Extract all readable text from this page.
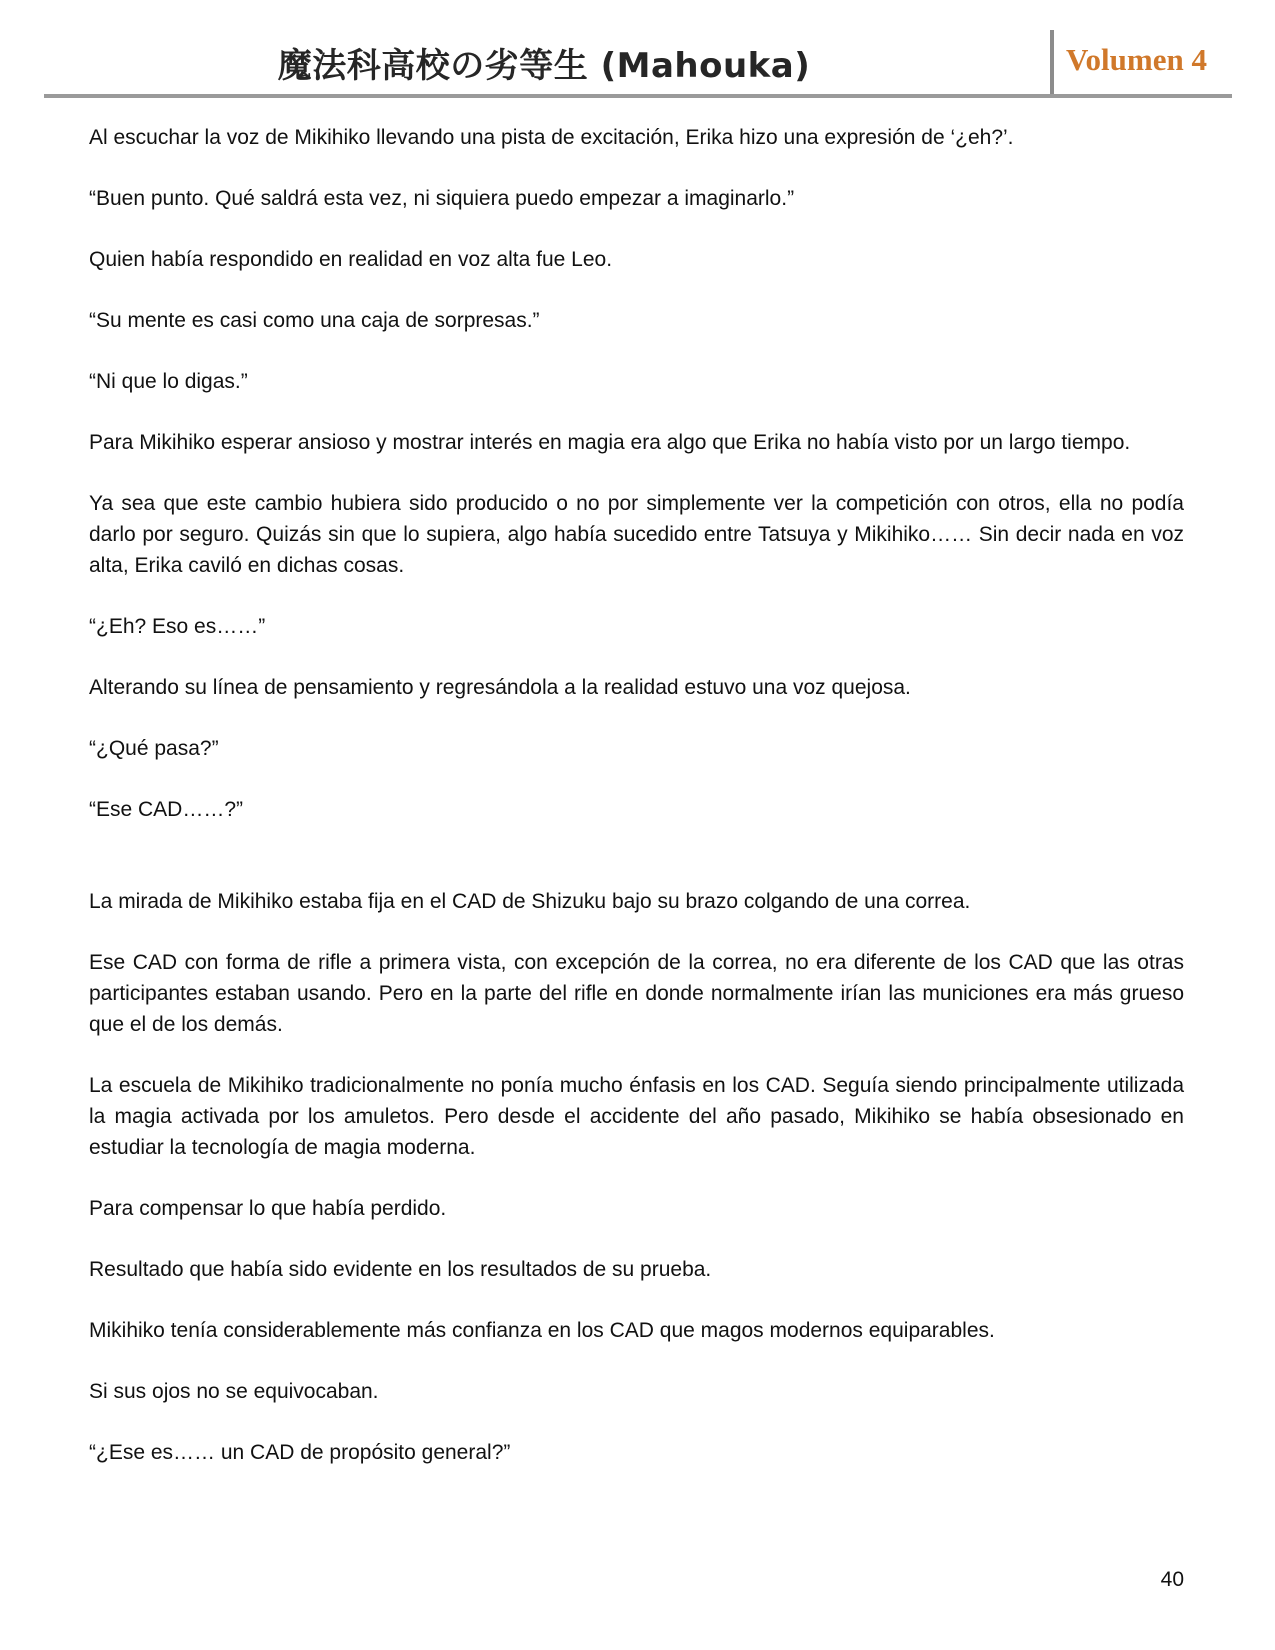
魔法科高校の劣等生 (Mahouka)	Volumen 4

Al escuchar la voz de Mikihiko llevando una pista de excitación, Erika hizo una expresión de ‘¿eh?’.

“Buen punto. Qué saldrá esta vez, ni siquiera puedo empezar a imaginarlo.”

Quien había respondido en realidad en voz alta fue Leo.

“Su mente es casi como una caja de sorpresas.”

“Ni que lo digas.”

Para Mikihiko esperar ansioso y mostrar interés en magia era algo que Erika no había visto por un largo tiempo.

Ya sea que este cambio hubiera sido producido o no por simplemente ver la competición con otros, ella no podía darlo por seguro. Quizás sin que lo supiera, algo había sucedido entre Tatsuya y Mikihiko…… Sin decir nada en voz alta, Erika caviló en dichas cosas.

“¿Eh? Eso es……”

Alterando su línea de pensamiento y regresándola a la realidad estuvo una voz quejosa.

“¿Qué pasa?”

“Ese CAD……?”

La mirada de Mikihiko estaba fija en el CAD de Shizuku bajo su brazo colgando de una correa.

Ese CAD con forma de rifle a primera vista, con excepción de la correa, no era diferente de los CAD que las otras participantes estaban usando. Pero en la parte del rifle en donde normalmente irían las municiones era más grueso que el de los demás.

La escuela de Mikihiko tradicionalmente no ponía mucho énfasis en los CAD. Seguía siendo principalmente utilizada la magia activada por los amuletos. Pero desde el accidente del año pasado, Mikihiko se había obsesionado en estudiar la tecnología de magia moderna.

Para compensar lo que había perdido.

Resultado que había sido evidente en los resultados de su prueba.

Mikihiko tenía considerablemente más confianza en los CAD que magos modernos equiparables.

Si sus ojos no se equivocaban.

“¿Ese es…… un CAD de propósito general?”

40
